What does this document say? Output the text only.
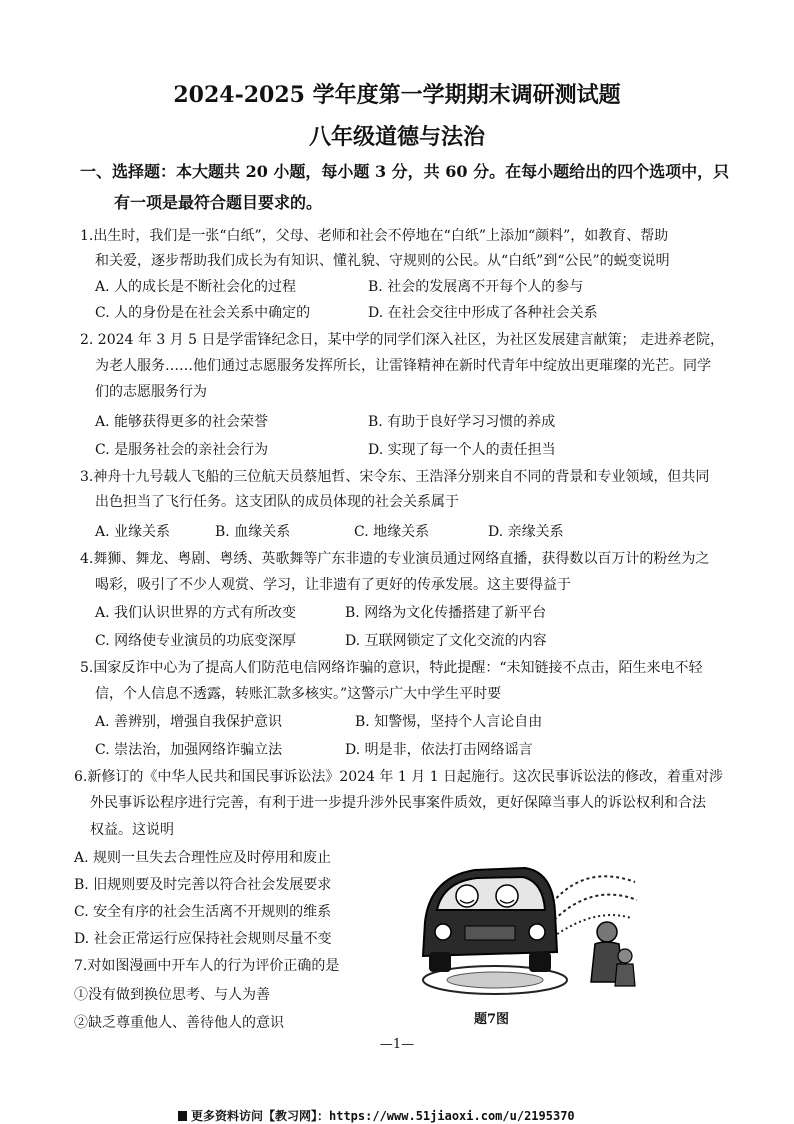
2024-2025 学年度第一学期期末调研测试题
八年级道德与法治
一、选择题：本大题共 20 小题，每小题 3 分，共 60 分。在每小题给出的四个选项中，只
有一项是最符合题目要求的。
1.出生时，我们是一张“白纸”，父母、老师和社会不停地在“白纸”上添加“颜料”，如教育、帮助
和关爱，逐步帮助我们成长为有知识、懂礼貌、守规则的公民。从“白纸”到“公民”的蜕变说明
A. 人的成长是不断社会化的过程	B. 社会的发展离不开每个人的参与
C. 人的身份是在社会关系中确定的	D. 在社会交往中形成了各种社会关系
2. 2024 年 3 月 5 日是学雷锋纪念日，某中学的同学们深入社区，为社区发展建言献策； 走进养老院，
为老人服务……他们通过志愿服务发挥所长，让雷锋精神在新时代青年中绽放出更璀璨的光芒。同学
们的志愿服务行为
A. 能够获得更多的社会荣誉	B. 有助于良好学习习惯的养成
C. 是服务社会的亲社会行为	D. 实现了每一个人的责任担当
3.神舟十九号载人飞船的三位航天员蔡旭哲、宋令东、王浩泽分别来自不同的背景和专业领域，但共同
出色担当了飞行任务。这支团队的成员体现的社会关系属于
A. 业缘关系	B. 血缘关系	C. 地缘关系	D. 亲缘关系
4.舞狮、舞龙、粤剧、粤绣、英歌舞等广东非遗的专业演员通过网络直播，获得数以百万计的粉丝为之
喝彩，吸引了不少人观赏、学习，让非遗有了更好的传承发展。这主要得益于
A. 我们认识世界的方式有所改变	B. 网络为文化传播搭建了新平台
C. 网络使专业演员的功底变深厚	D. 互联网锁定了文化交流的内容
5.国家反诈中心为了提高人们防范电信网络诈骗的意识，特此提醒：“未知链接不点击，陌生来电不轻
信，个人信息不透露，转账汇款多核实。”这警示广大中学生平时要
A. 善辨别，增强自我保护意识	B. 知警惕，坚持个人言论自由
C. 崇法治，加强网络诈骗立法	D. 明是非，依法打击网络谣言
6.新修订的《中华人民共和国民事诉讼法》2024 年 1 月 1 日起施行。这次民事诉讼法的修改，着重对涉
外民事诉讼程序进行完善，有利于进一步提升涉外民事案件质效，更好保障当事人的诉讼权利和合法
权益。这说明
A. 规则一旦失去合理性应及时停用和废止
B. 旧规则要及时完善以符合社会发展要求
C. 安全有序的社会生活离不开规则的维系
D. 社会正常运行应保持社会规则尽量不变
7.对如图漫画中开车人的行为评价正确的是
①没有做到换位思考、与人为善
②缺乏尊重他人、善待他人的意识	题7图
—1—
更多资料访问【教习网】：https://www.51jiaoxi.com/u/2195370
